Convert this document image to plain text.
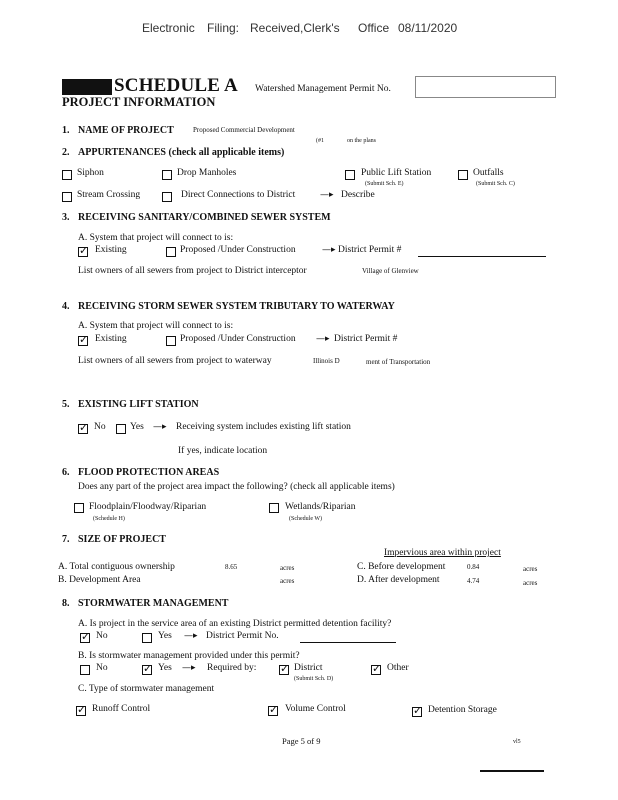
Electronic Filing: Received,Clerk's Office 08/11/2020
SCHEDULE A
PROJECT INFORMATION
Watershed Management Permit No.
1. NAME OF PROJECT	Proposed Commercial Development
(#1	on the plans
2. APPURTENANCES (check all applicable items)
Siphon	Drop Manholes	Public Lift Station
(Submit Sch. E)
Outfalls
(Submit Sch. C)
Stream Crossing	Direct Connections to District	—▸ Describe
3. RECEIVING SANITARY/COMBINED SEWER SYSTEM
A. System that project will connect to is:
✓
Existing	Proposed /Under Construction	—▸ District Permit #
List owners of all sewers from project to District interceptor	Village of Glenview
4. RECEIVING STORM SEWER SYSTEM TRIBUTARY TO WATERWAY
A. System that project will connect to is:
✓
Existing	Proposed /Under Construction —▸ District Permit #
List owners of all sewers from project to waterway	Illinois D	ment of Transportation
5. EXISTING LIFT STATION
✓
No	Yes —▸ Receiving system includes existing lift station
If yes, indicate location
6. FLOOD PROTECTION AREAS
Does any part of the project area impact the following? (check all applicable items)
Floodplain/Floodway/Riparian
(Schedule H)
Wetlands/Riparian
(Schedule W)
7. SIZE OF PROJECT
Impervious area within project
A. Total contiguous ownership	8.65	acres
B. Development Area	acres
C. Before development	0.84	acres
D. After development	4.74	acres
8. STORMWATER MANAGEMENT
A. Is project in the service area of an existing District permitted detention facility?
✓
No	Yes —▸ District Permit No.
B. Is stormwater management provided under this permit?
No ✓	Yes —▸ Required by: ✓	District
(Submit Sch. D)
✓
Other
C. Type of stormwater management
✓
Runoff Control ✓	Volume Control ✓	Detention Storage
Page 5 of 9	vl5
